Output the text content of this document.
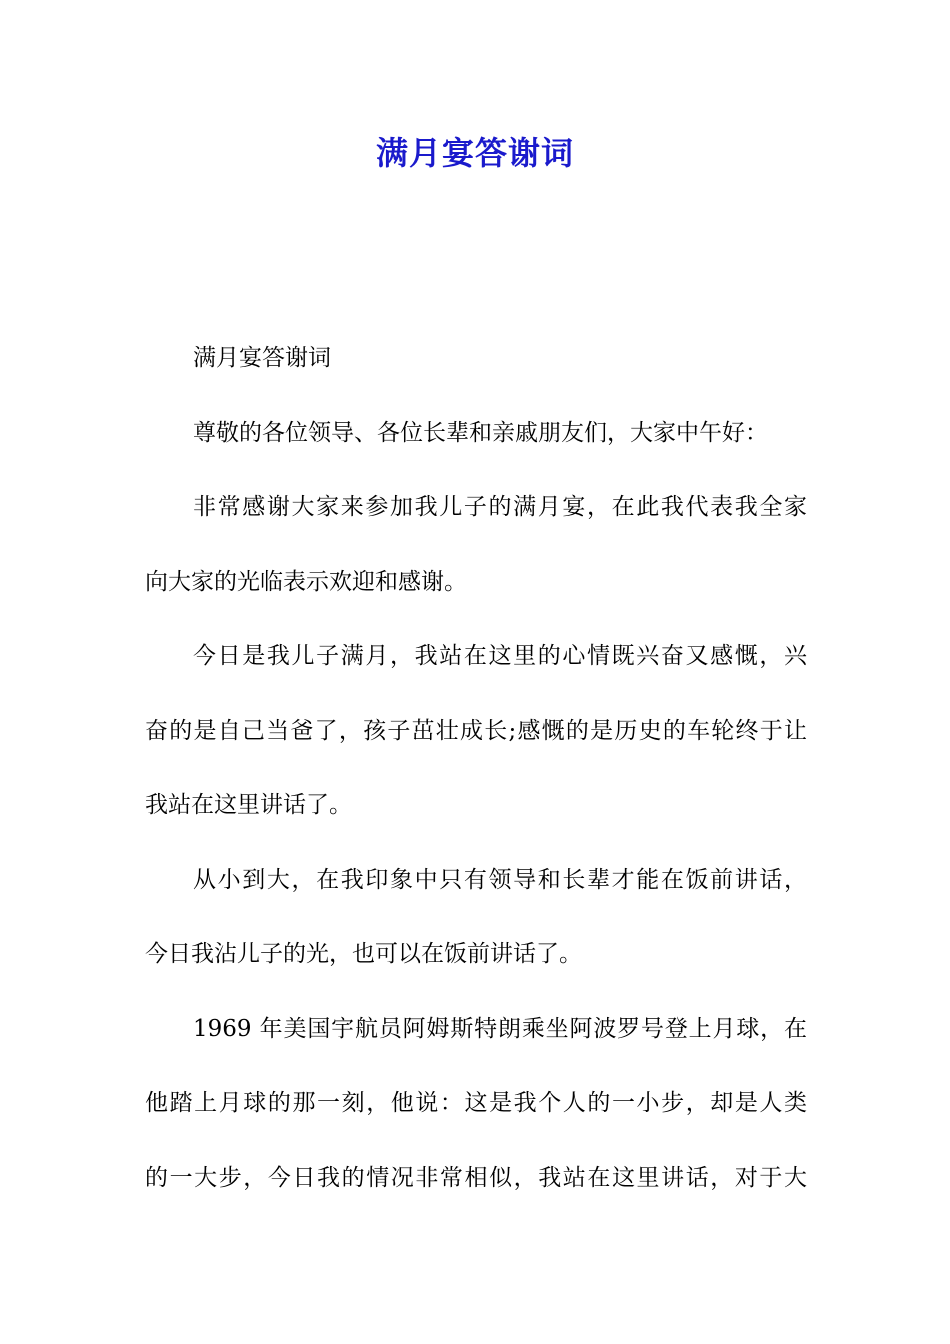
满月宴答谢词
满月宴答谢词
尊敬的各位领导、各位长辈和亲戚朋友们，大家中午好：
非常感谢大家来参加我儿子的满月宴，在此我代表我全家
向大家的光临表示欢迎和感谢。
今日是我儿子满月，我站在这里的心情既兴奋又感慨，兴
奋的是自己当爸了，孩子茁壮成长;感慨的是历史的车轮终于让
我站在这里讲话了。
从小到大，在我印象中只有领导和长辈才能在饭前讲话，
今日我沾儿子的光，也可以在饭前讲话了。
1969 年美国宇航员阿姆斯特朗乘坐阿波罗号登上月球，在
他踏上月球的那一刻，他说：这是我个人的一小步，却是人类
的一大步，今日我的情况非常相似，我站在这里讲话，对于大
